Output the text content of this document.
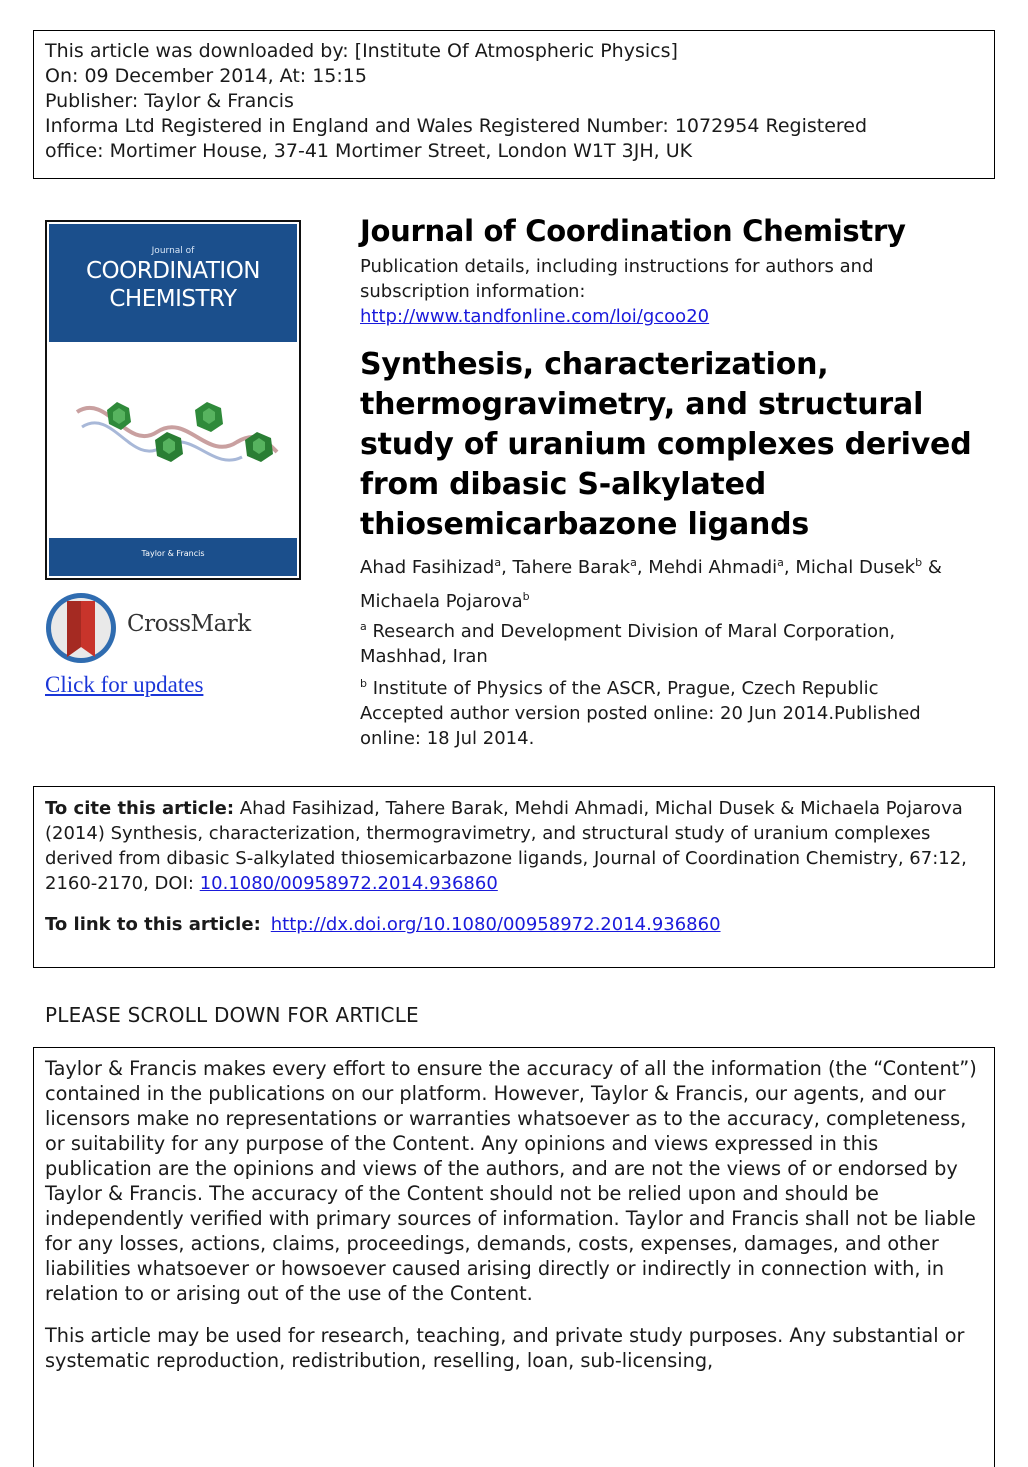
This article was downloaded by: [Institute Of Atmospheric Physics]
On: 09 December 2014, At: 15:15
Publisher: Taylor & Francis
Informa Ltd Registered in England and Wales Registered Number: 1072954 Registered
office: Mortimer House, 37-41 Mortimer Street, London W1T 3JH, UK
Journal of
COORDINATION
CHEMISTRY
Taylor & Francis
CrossMark
Click for updates
Journal of Coordination Chemistry
Publication details, including instructions for authors and subscription information:
http://www.tandfonline.com/loi/gcoo20
Synthesis, characterization, thermogravimetry, and structural study of uranium complexes derived from dibasic S-alkylated thiosemicarbazone ligands
Ahad Fasihizad$^a$, Tahere Barak$^a$, Mehdi Ahmadi$^a$, Michal Dusek$^b$ & Michaela Pojarova$^b$
$^a$ Research and Development Division of Maral Corporation, Mashhad, Iran
$^b$ Institute of Physics of the ASCR, Prague, Czech Republic
Accepted author version posted online: 20 Jun 2014.Published online: 18 Jul 2014.
To cite this article: Ahad Fasihizad, Tahere Barak, Mehdi Ahmadi, Michal Dusek & Michaela Pojarova (2014) Synthesis, characterization, thermogravimetry, and structural study of uranium complexes derived from dibasic S-alkylated thiosemicarbazone ligands, Journal of Coordination Chemistry, 67:12, 2160-2170, DOI: 10.1080/00958972.2014.936860
To link to this article: http://dx.doi.org/10.1080/00958972.2014.936860
PLEASE SCROLL DOWN FOR ARTICLE

Taylor & Francis makes every effort to ensure the accuracy of all the information (the “Content”) contained in the publications on our platform. However, Taylor & Francis, our agents, and our licensors make no representations or warranties whatsoever as to the accuracy, completeness, or suitability for any purpose of the Content. Any opinions and views expressed in this publication are the opinions and views of the authors, and are not the views of or endorsed by Taylor & Francis. The accuracy of the Content should not be relied upon and should be independently verified with primary sources of information. Taylor and Francis shall not be liable for any losses, actions, claims, proceedings, demands, costs, expenses, damages, and other liabilities whatsoever or howsoever caused arising directly or indirectly in connection with, in relation to or arising out of the use of the Content.

This article may be used for research, teaching, and private study purposes. Any substantial or systematic reproduction, redistribution, reselling, loan, sub-licensing,
